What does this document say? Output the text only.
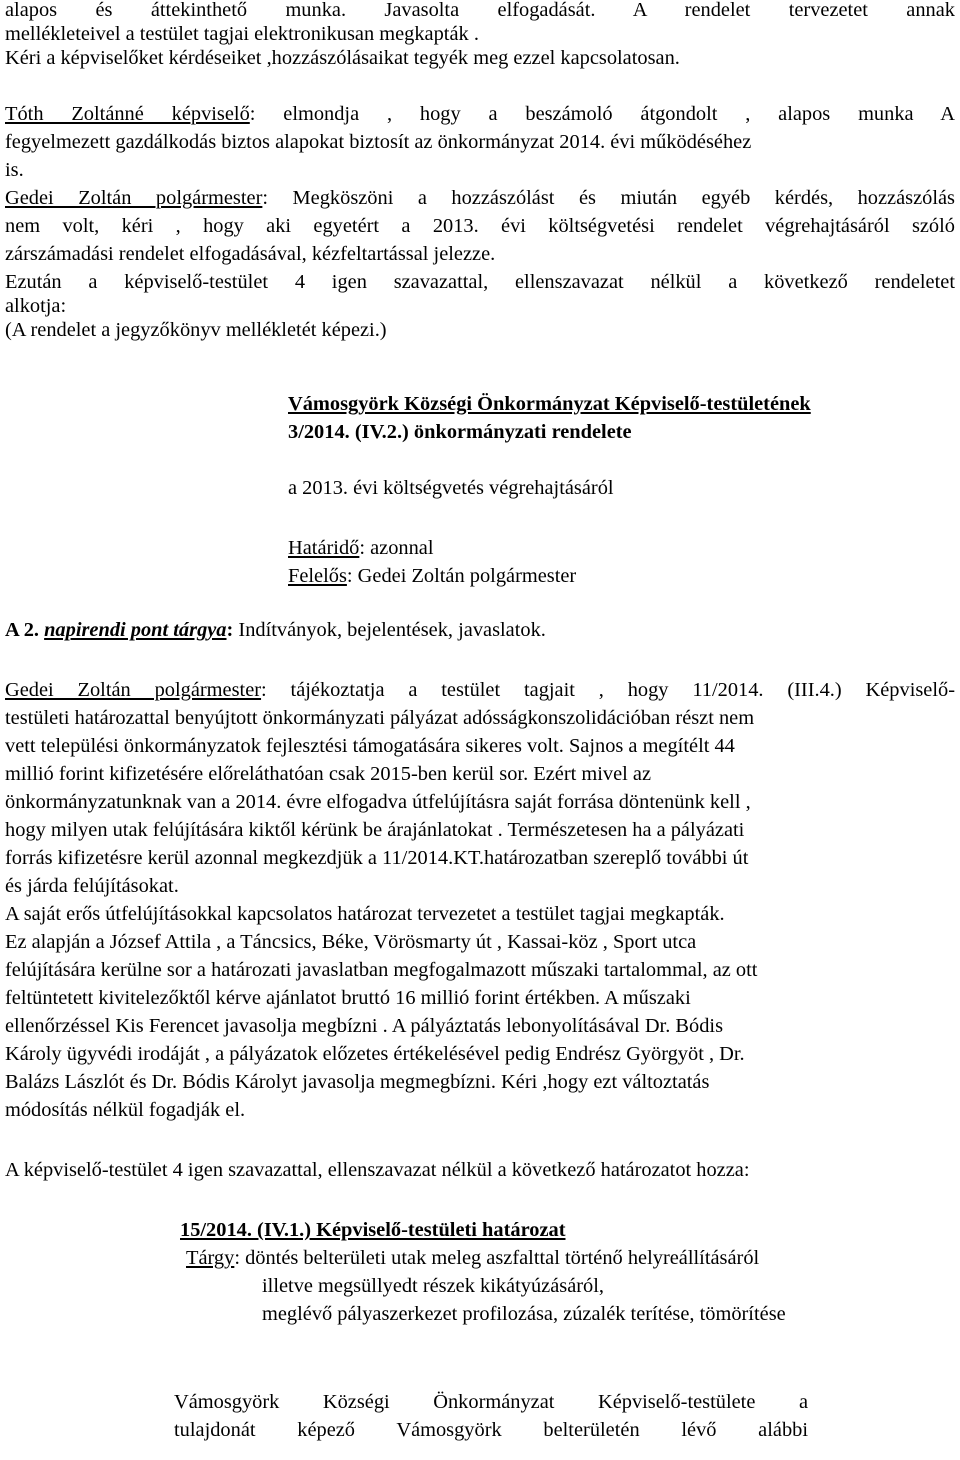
alapos és áttekinthető munka. Javasolta elfogadását. A rendelet tervezetet annak
mellékleteivel a testület tagjai elektronikusan megkapták .
Kéri a képviselőket kérdéseiket ,hozzászólásaikat tegyék meg ezzel kapcsolatosan.
Tóth Zoltánné képviselő: elmondja , hogy a beszámoló átgondolt , alapos munka A
fegyelmezett gazdálkodás biztos alapokat biztosít az önkormányzat 2014. évi működéséhez
is.
Gedei Zoltán polgármester: Megköszöni a hozzászólást és miután egyéb kérdés, hozzászólás
nem volt, kéri , hogy aki egyetért a 2013. évi költségvetési rendelet végrehajtásáról szóló
zárszámadási rendelet elfogadásával, kézfeltartással jelezze.
Ezután a képviselő-testület 4 igen szavazattal, ellenszavazat nélkül a következő rendeletet
alkotja:
(A rendelet a jegyzőkönyv mellékletét képezi.)
Vámosgyörk Községi Önkormányzat Képviselő-testületének
3/2014. (IV.2.) önkormányzati rendelete
a 2013. évi költségvetés végrehajtásáról
Határidő: azonnal
Felelős: Gedei Zoltán polgármester
A 2. napirendi pont tárgya: Indítványok, bejelentések, javaslatok.
Gedei Zoltán polgármester: tájékoztatja a testület tagjait , hogy 11/2014. (III.4.) Képviselő-
testületi határozattal benyújtott önkormányzati pályázat adósságkonszolidációban részt nem
vett települési önkormányzatok fejlesztési támogatására sikeres volt. Sajnos a megítélt 44
millió forint kifizetésére előreláthatóan csak 2015-ben kerül sor. Ezért mivel az
önkormányzatunknak van a 2014. évre elfogadva útfelújításra saját forrása döntenünk kell ,
hogy milyen utak felújítására kiktől kérünk be árajánlatokat . Természetesen ha a pályázati
forrás kifizetésre kerül azonnal megkezdjük a 11/2014.KT.határozatban szereplő további út
és járda felújításokat.
A saját erős útfelújításokkal kapcsolatos határozat tervezetet a testület tagjai megkapták.
Ez alapján a József Attila , a Táncsics, Béke, Vörösmarty út , Kassai-köz , Sport utca
felújítására kerülne sor a határozati javaslatban megfogalmazott műszaki tartalommal, az ott
feltüntetett kivitelezőktől kérve ajánlatot bruttó 16 millió forint értékben. A műszaki
ellenőrzéssel Kis Ferencet javasolja megbízni . A pályáztatás lebonyolításával Dr. Bódis
Károly ügyvédi irodáját , a pályázatok előzetes értékelésével pedig Endrész Györgyöt , Dr.
Balázs Lászlót és Dr. Bódis Károlyt javasolja megmegbízni. Kéri ,hogy ezt változtatás
módosítás nélkül fogadják el.
A képviselő-testület 4 igen szavazattal, ellenszavazat nélkül a következő határozatot hozza:
15/2014. (IV.1.) Képviselő-testületi határozat
Tárgy: döntés belterületi utak meleg aszfalttal történő helyreállításáról
illetve megsüllyedt részek kikátyúzásáról,
meglévő pályaszerkezet profilozása, zúzalék terítése, tömörítése
Vámosgyörk Községi Önkormányzat Képviselő-testülete a
tulajdonát képező Vámosgyörk belterületén lévő alábbi
